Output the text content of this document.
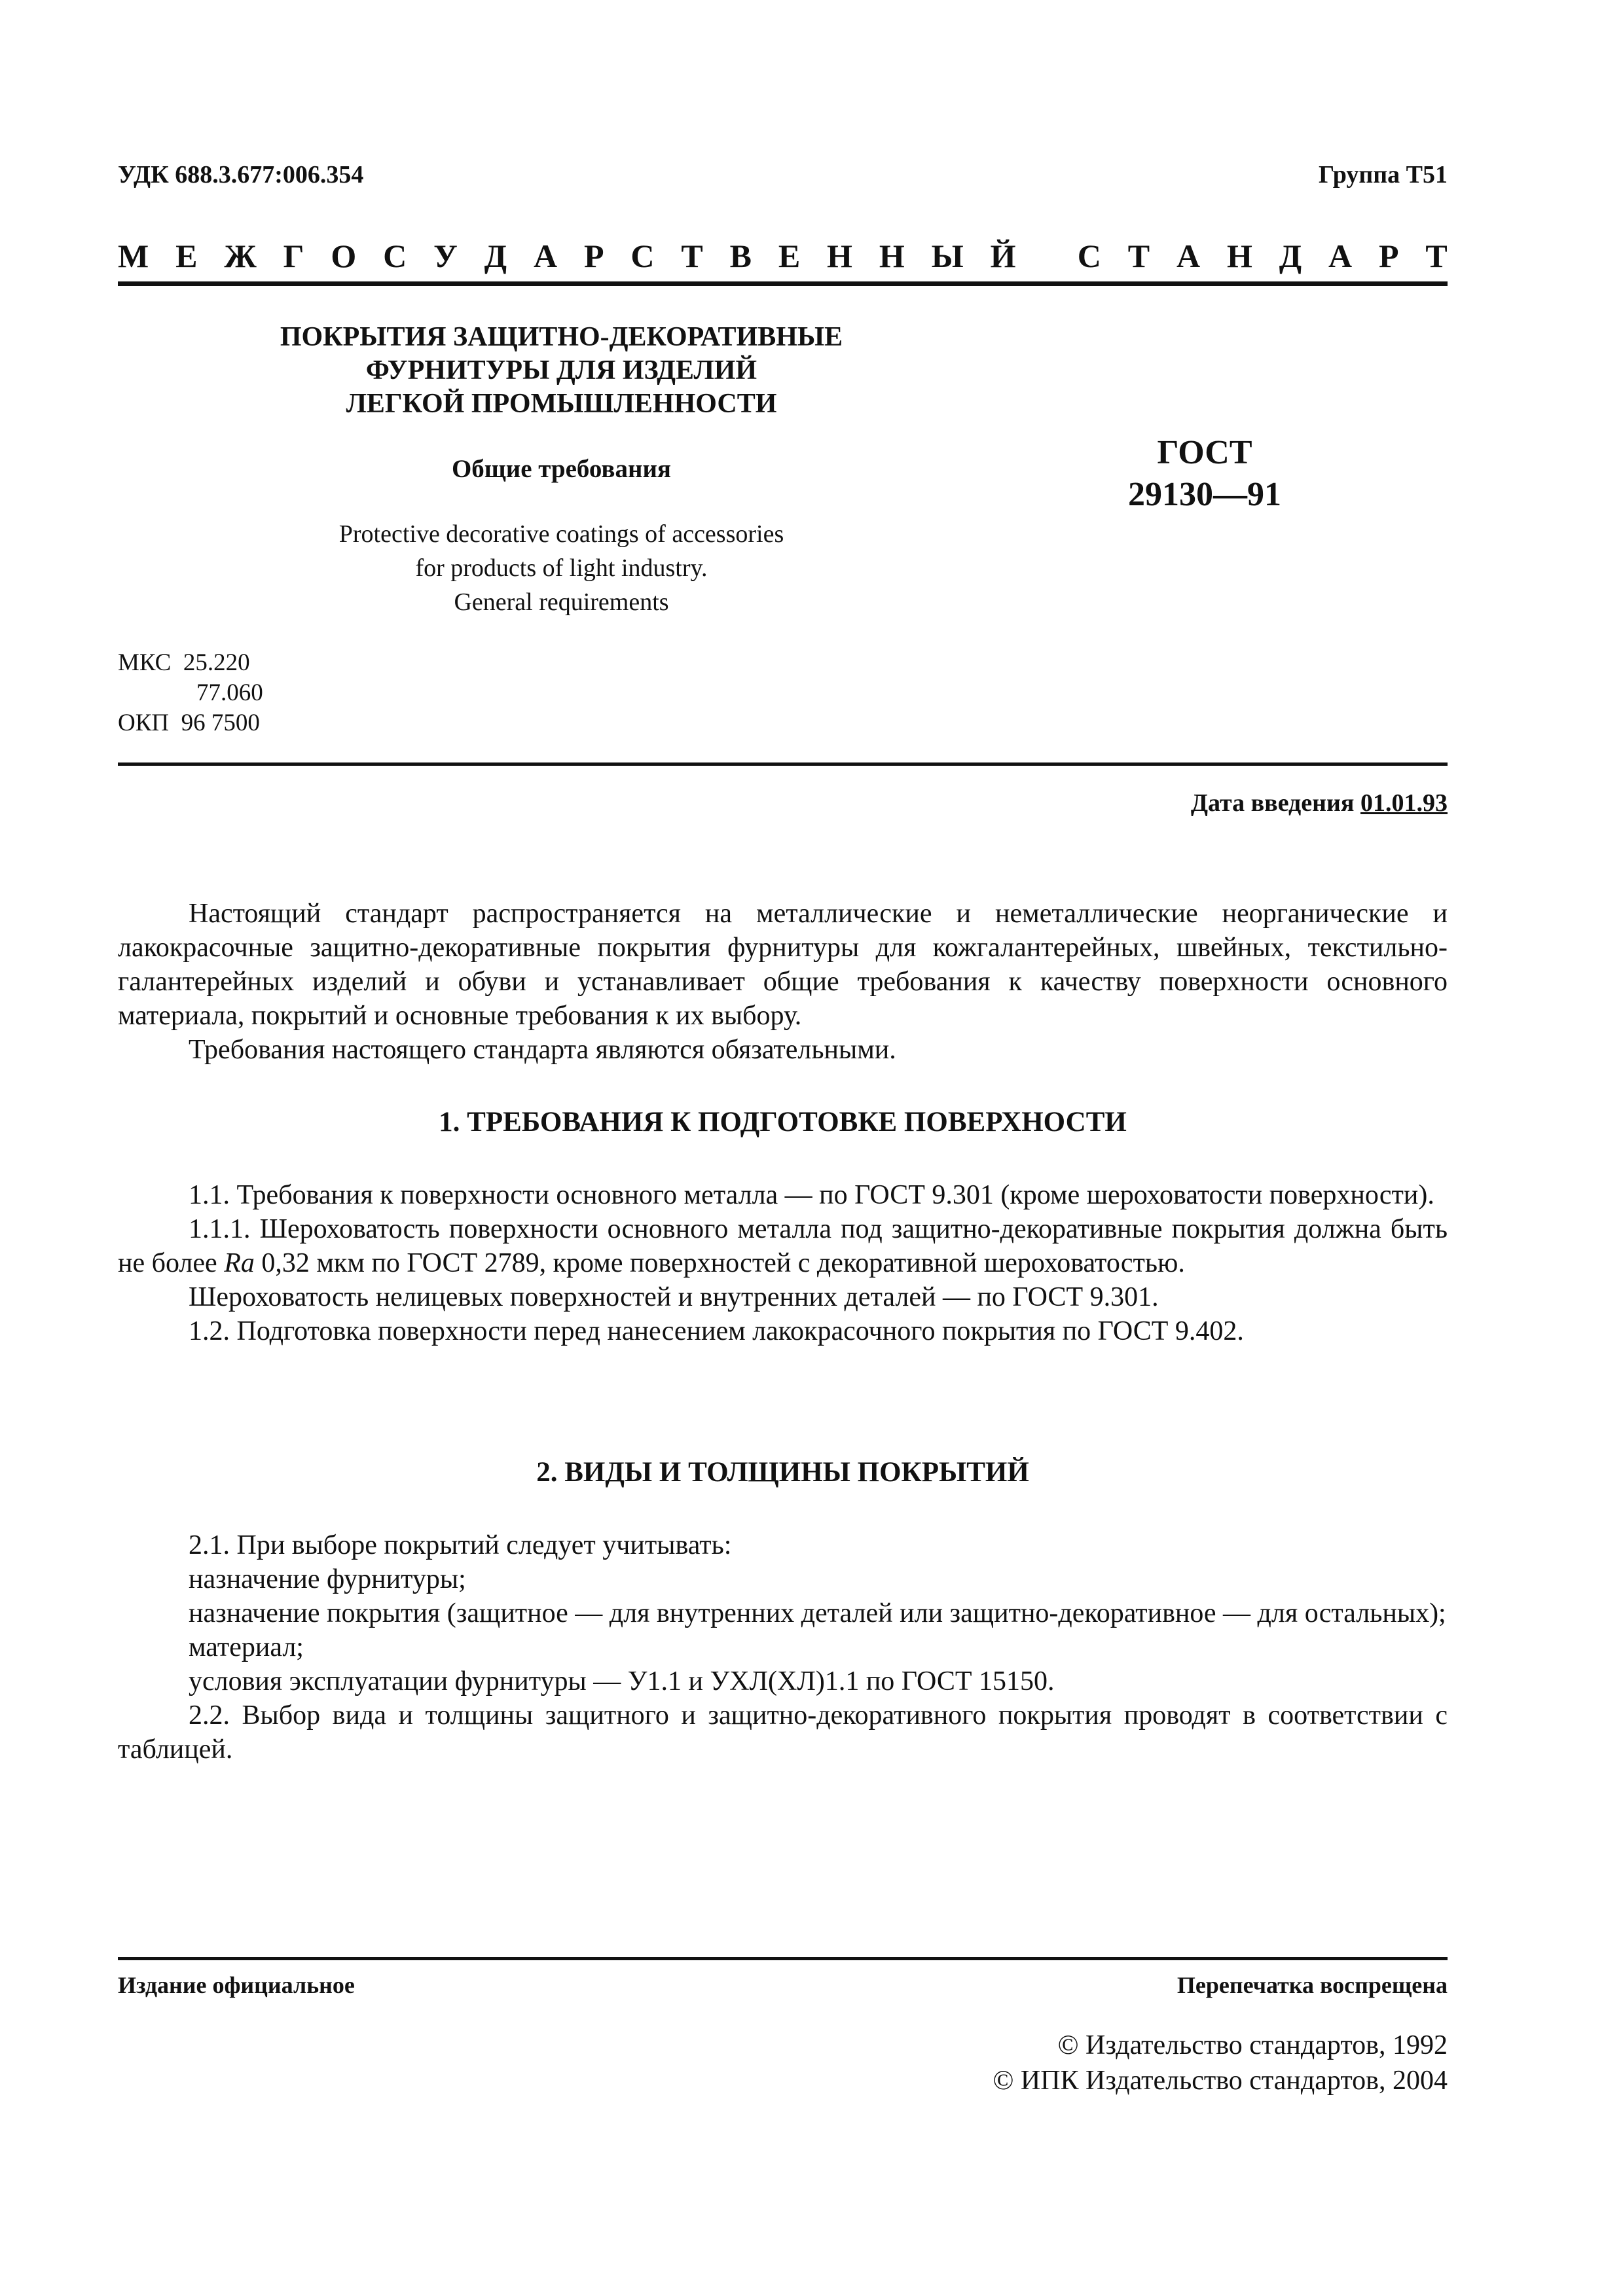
УДК 688.3.677:006.354	Группа Т51
М Е Ж Г О С У Д А Р С Т В Е Н Н Ы Й
С Т А Н Д А Р Т
ПОКРЫТИЯ ЗАЩИТНО-ДЕКОРАТИВНЫЕ
ФУРНИТУРЫ ДЛЯ ИЗДЕЛИЙ
ЛЕГКОЙ ПРОМЫШЛЕННОСТИ
Общие требования
Protective decorative coatings of accessories
for products of light industry.
General requirements
ГОСТ
29130—91
МКС 25.220
77.060
ОКП 96 7500
Дата введения 01.01.93

Настоящий стандарт распространяется на металлические и неметаллические неорганические и лакокрасочные защитно-декоративные покрытия фурнитуры для кожгалантерейных, швейных, текстильно-галантерейных изделий и обуви и устанавливает общие требования к качеству поверхности основного материала, покрытий и основные требования к их выбору.

Требования настоящего стандарта являются обязательными.

1. ТРЕБОВАНИЯ К ПОДГОТОВКЕ ПОВЕРХНОСТИ

1.1. Требования к поверхности основного металла — по ГОСТ 9.301 (кроме шероховатости поверхности).

1.1.1. Шероховатость поверхности основного металла под защитно-декоративные покрытия должна быть не более Ra 0,32 мкм по ГОСТ 2789, кроме поверхностей с декоративной шероховатостью.

Шероховатость нелицевых поверхностей и внутренних деталей — по ГОСТ 9.301.

1.2. Подготовка поверхности перед нанесением лакокрасочного покрытия по ГОСТ 9.402.

2. ВИДЫ И ТОЛЩИНЫ ПОКРЫТИЙ

2.1. При выборе покрытий следует учитывать:

назначение фурнитуры;

назначение покрытия (защитное — для внутренних деталей или защитно-декоративное — для остальных);

материал;

условия эксплуатации фурнитуры — У1.1 и УХЛ(ХЛ)1.1 по ГОСТ 15150.

2.2. Выбор вида и толщины защитного и защитно-декоративного покрытия проводят в соответствии с таблицей.

Издание официальное	Перепечатка воспрещена
© Издательство стандартов, 1992
© ИПК Издательство стандартов, 2004
